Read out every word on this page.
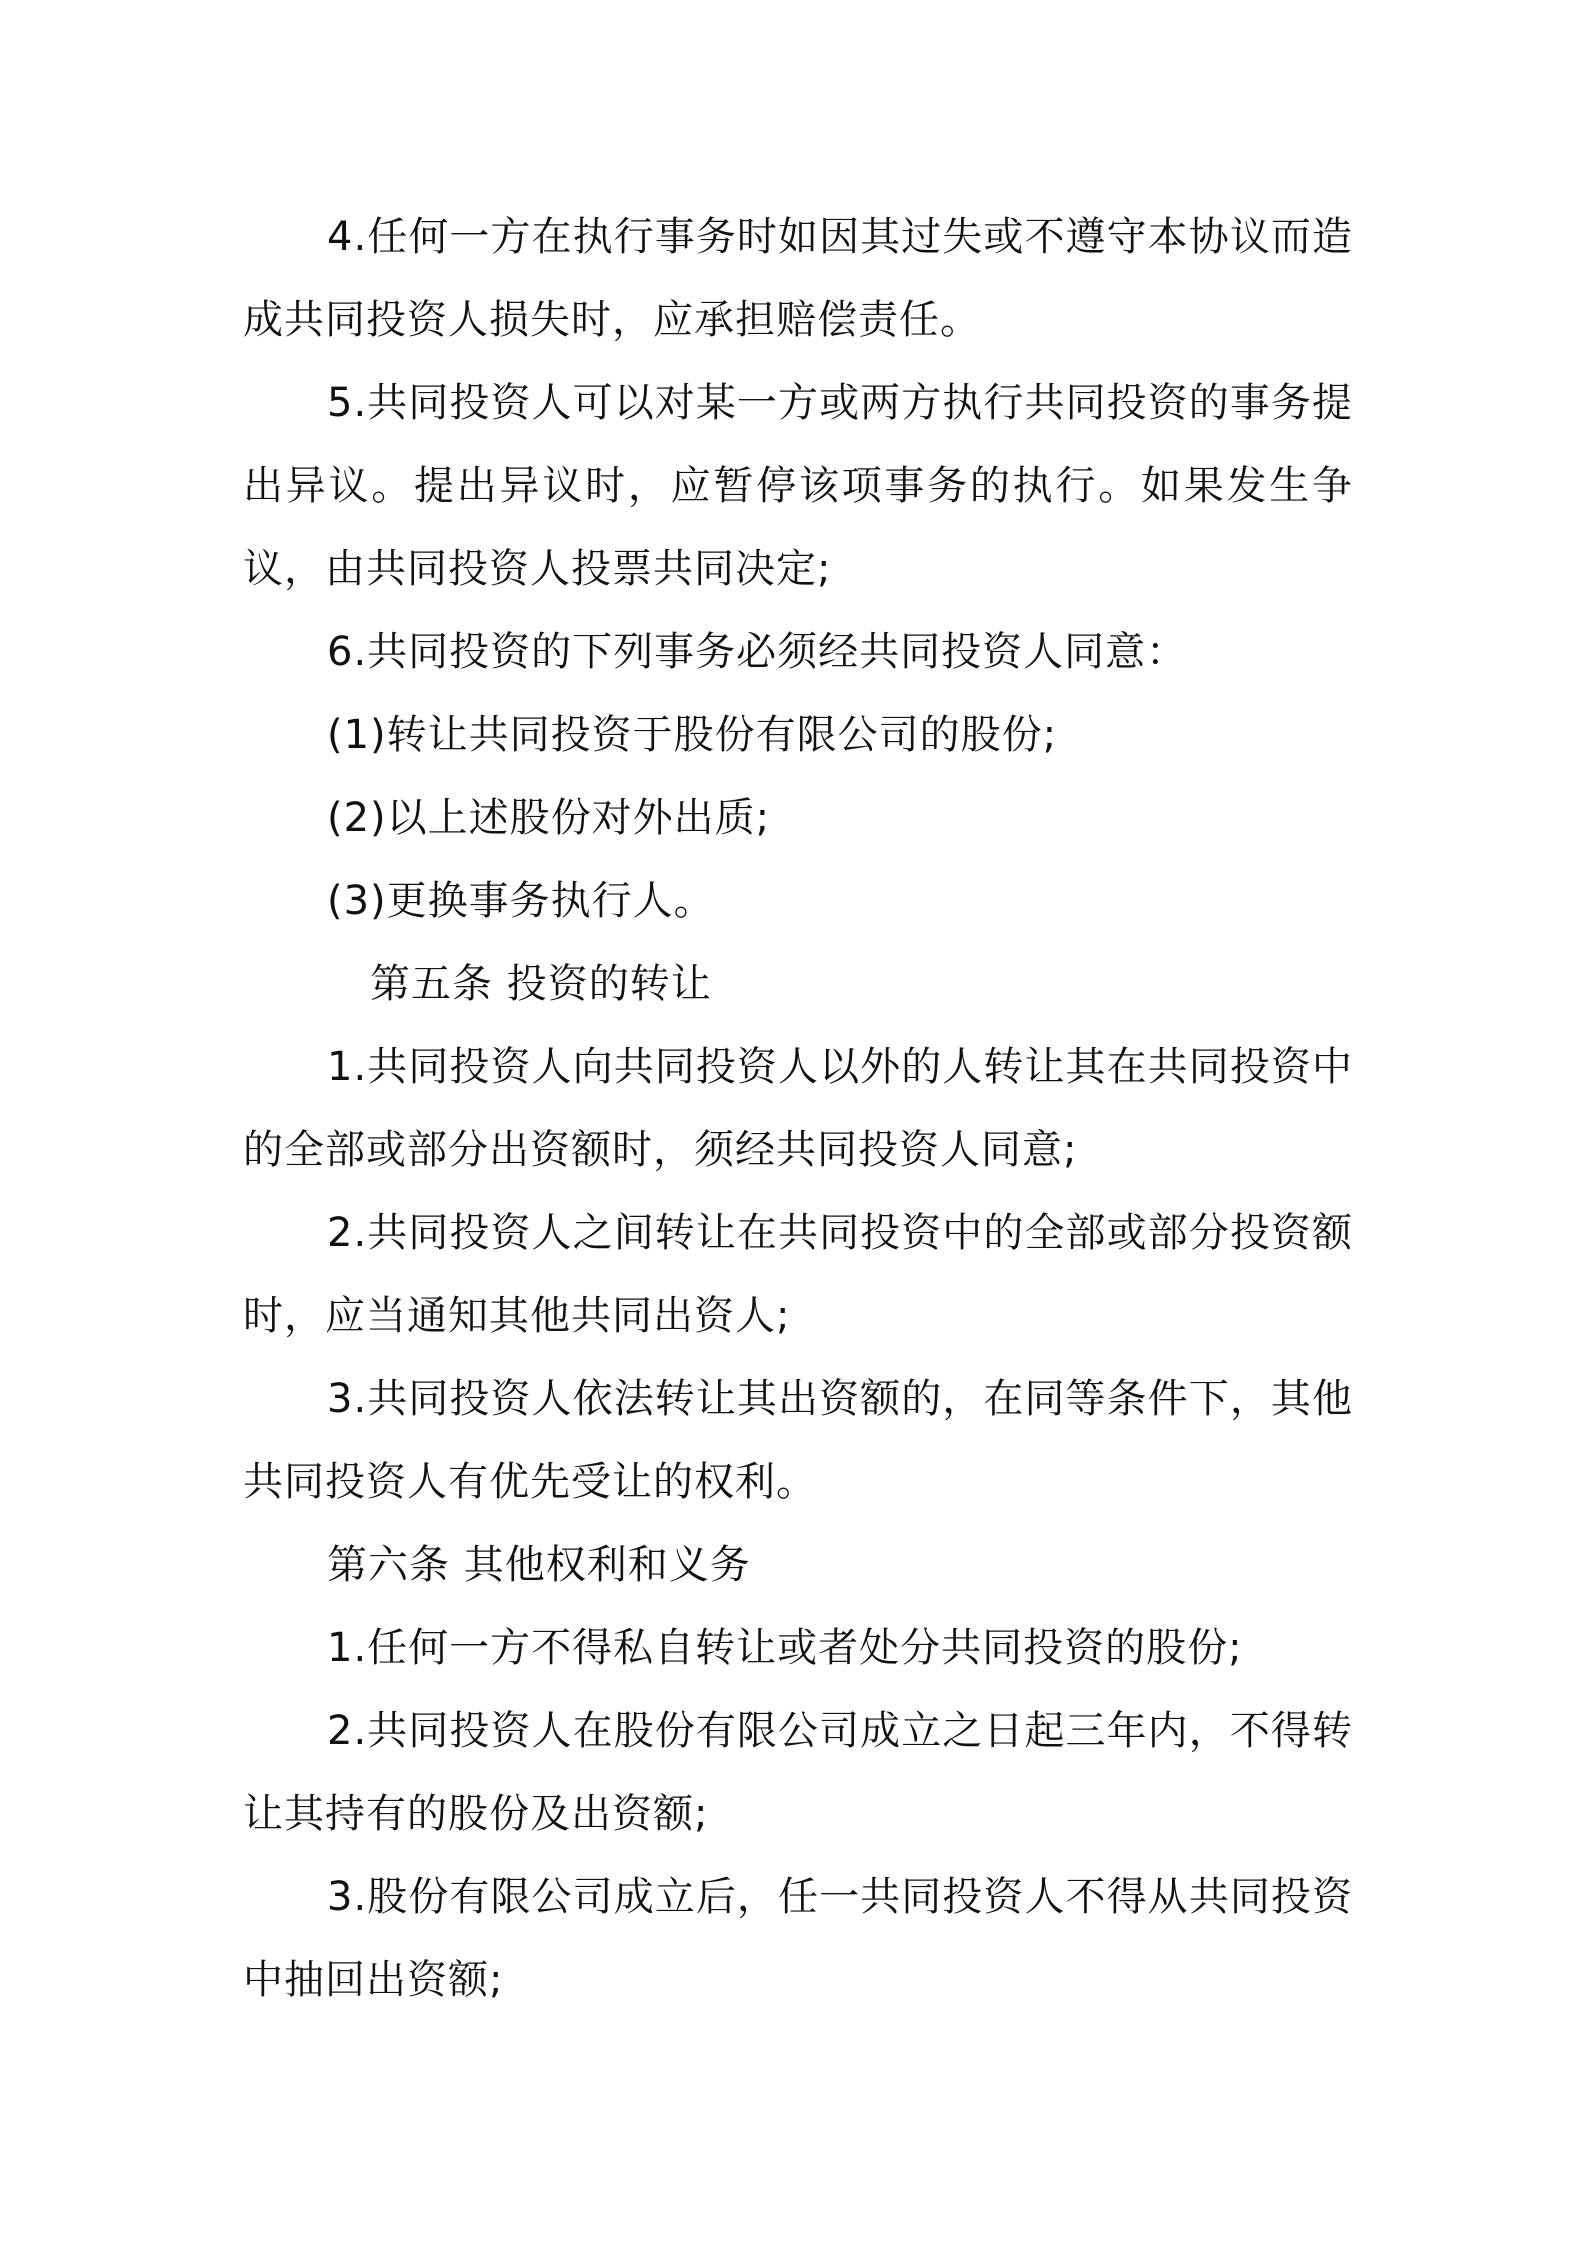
4.任何一方在执行事务时如因其过失或不遵守本协议而造成共同投资人损失时，应承担赔偿责任。

5.共同投资人可以对某一方或两方执行共同投资的事务提出异议。提出异议时，应暂停该项事务的执行。如果发生争议，由共同投资人投票共同决定;

6.共同投资的下列事务必须经共同投资人同意：

(1)转让共同投资于股份有限公司的股份;

(2)以上述股份对外出质;

(3)更换事务执行人。

第五条 投资的转让

1.共同投资人向共同投资人以外的人转让其在共同投资中的全部或部分出资额时，须经共同投资人同意;

2.共同投资人之间转让在共同投资中的全部或部分投资额时，应当通知其他共同出资人;

3.共同投资人依法转让其出资额的，在同等条件下，其他共同投资人有优先受让的权利。

第六条 其他权利和义务

1.任何一方不得私自转让或者处分共同投资的股份;

2.共同投资人在股份有限公司成立之日起三年内，不得转让其持有的股份及出资额;

3.股份有限公司成立后，任一共同投资人不得从共同投资中抽回出资额;
